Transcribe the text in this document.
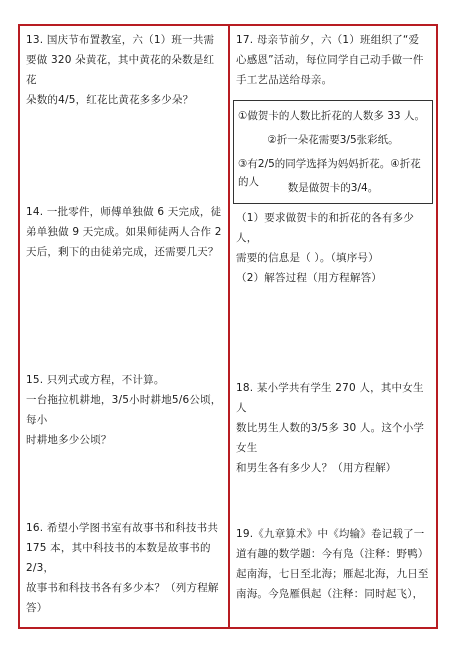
13. 国庆节布置教室，六（1）班一共需
要做 320 朵黄花，其中黄花的朵数是红花
朵数的4/5，红花比黄花多多少朵？
14. 一批零件，师傅单独做 6 天完成，徒
弟单独做 9 天完成。如果师徒两人合作 2
天后，剩下的由徒弟完成，还需要几天？
15. 只列式或方程，不计算。
一台拖拉机耕地，3/5小时耕地5/6公顷，每小
时耕地多少公顷？
16. 希望小学图书室有故事书和科技书共
175 本，其中科技书的本数是故事书的2/3，
故事书和科技书各有多少本？（列方程解
答）
17. 母亲节前夕，六（1）班组织了“爱
心感恩”活动，每位同学自己动手做一件
手工艺品送给母亲。
①做贺卡的人数比折花的人数多 33 人。
②折一朵花需要3/5张彩纸。
③有2/5的同学选择为妈妈折花。④折花的人	数是做贺卡的3/4。
（1）要求做贺卡的和折花的各有多少人，
需要的信息是（ ）。（填序号）
（2）解答过程（用方程解答）
18. 某小学共有学生 270 人，其中女生人
数比男生人数的3/5多 30 人。这个小学女生
和男生各有多少人？（用方程解）
19.《九章算术》中《均输》卷记载了一
道有趣的数学题：今有凫（注释：野鸭）
起南海，七日至北海；雁起北海，九日至
南海。今凫雁俱起（注释：同时起飞），
